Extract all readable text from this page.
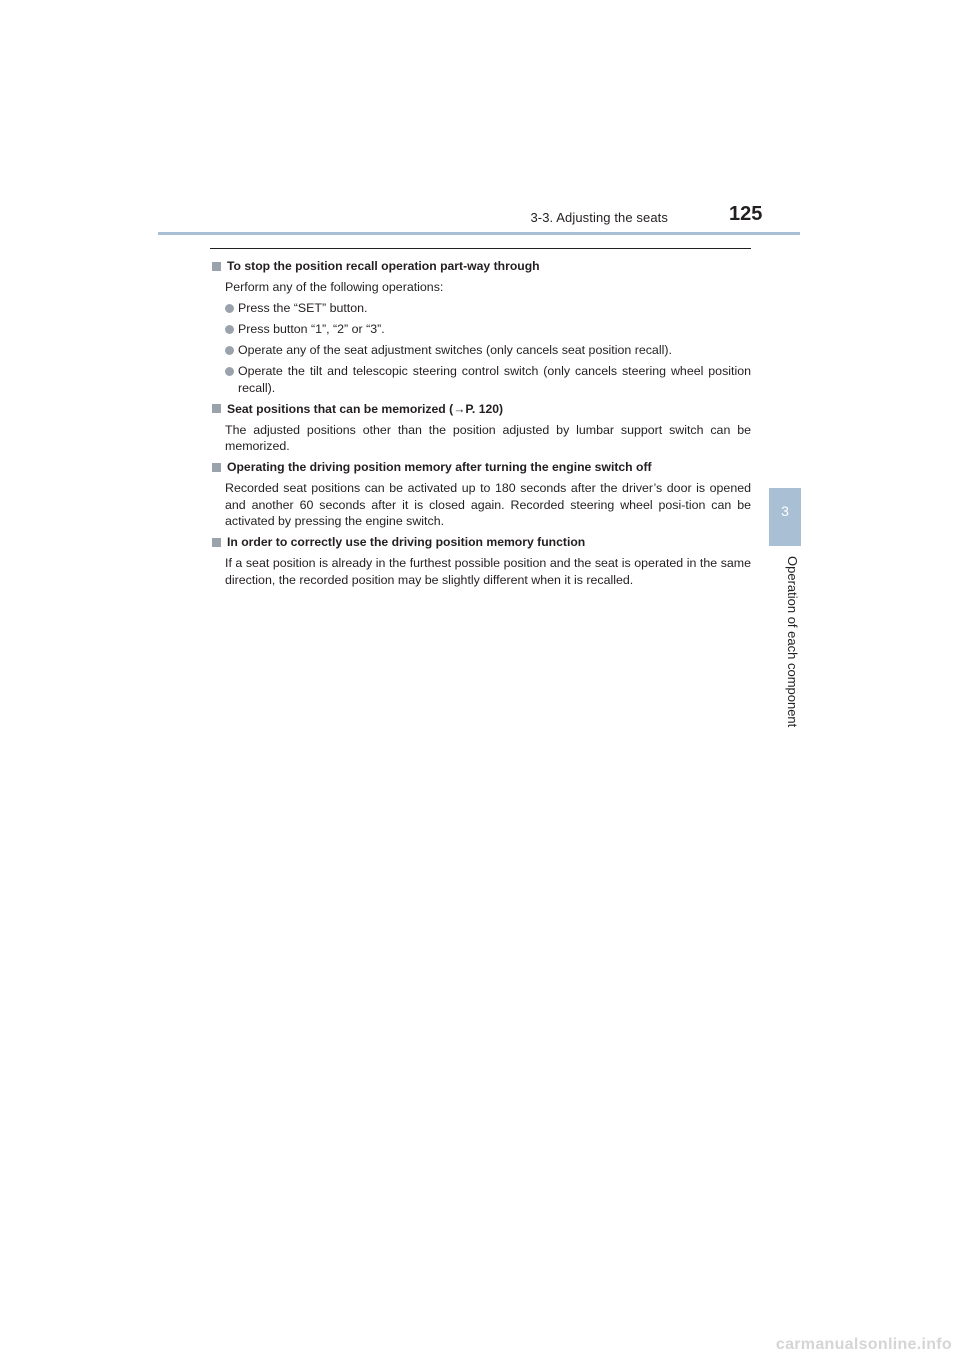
3-3. Adjusting the seats	125
3
Operation of each component
To stop the position recall operation part-way through
Perform any of the following operations:
Press the “SET” button.
Press button “1”, “2” or “3”.
Operate any of the seat adjustment switches (only cancels seat position recall).
Operate the tilt and telescopic steering control switch (only cancels steering wheel position recall).
Seat positions that can be memorized (→P. 120)
The adjusted positions other than the position adjusted by lumbar support switch can be memorized.
Operating the driving position memory after turning the engine switch off
Recorded seat positions can be activated up to 180 seconds after the driver’s door is opened and another 60 seconds after it is closed again. Recorded steering wheel posi-tion can be activated by pressing the engine switch.
In order to correctly use the driving position memory function
If a seat position is already in the furthest possible position and the seat is operated in the same direction, the recorded position may be slightly different when it is recalled.
carmanualsonline.info
